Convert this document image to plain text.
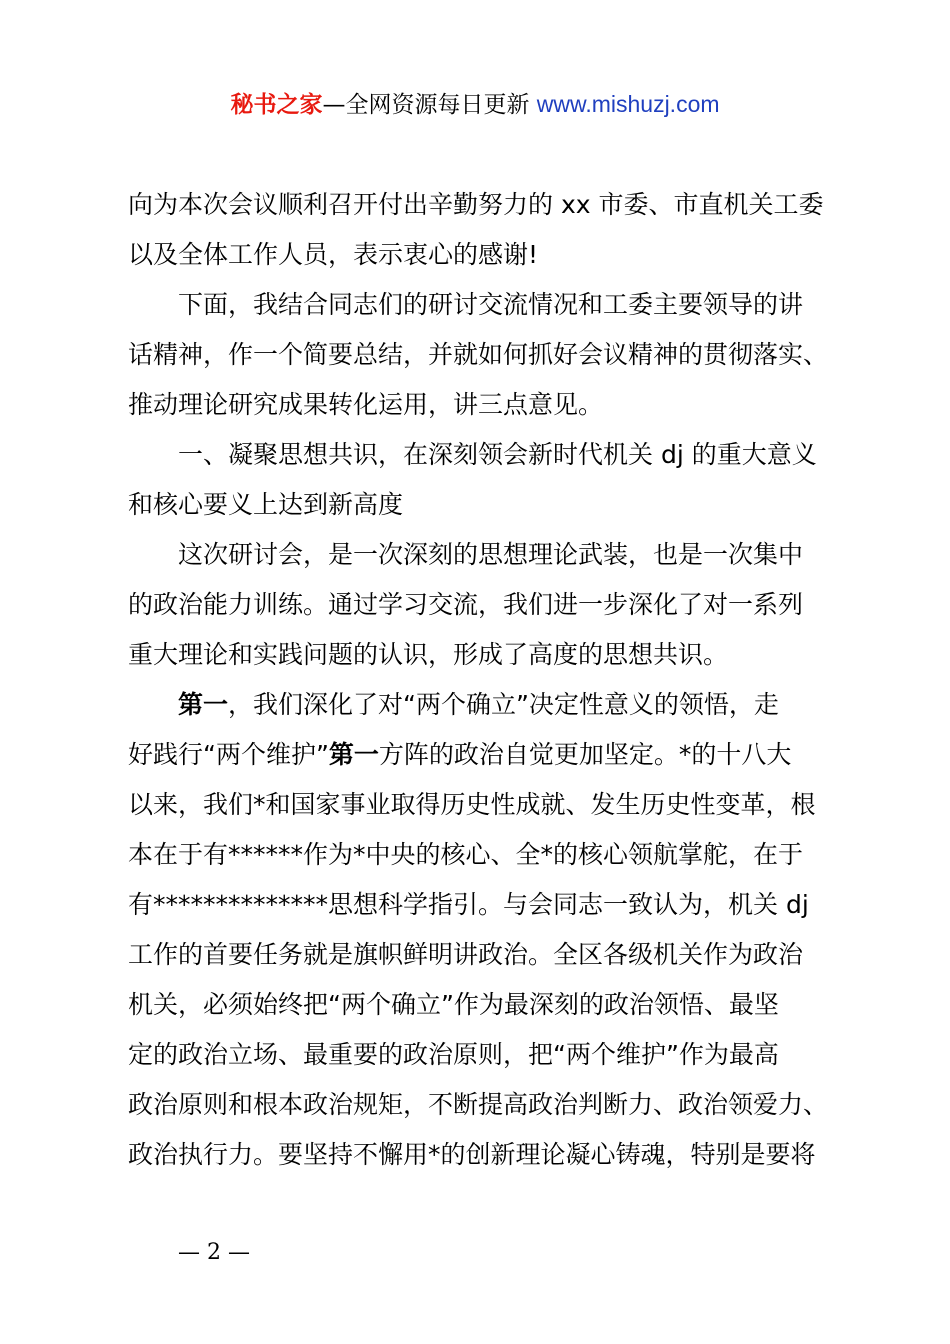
秘书之家—全网资源每日更新 www.mishuzj.com
向为本次会议顺利召开付出辛勤努力的 xx 市委、市直机关工委
以及全体工作人员，表示衷心的感谢!
下面，我结合同志们的研讨交流情况和工委主要领导的讲
话精神，作一个简要总结，并就如何抓好会议精神的贯彻落实、
推动理论研究成果转化运用，讲三点意见。
一、凝聚思想共识，在深刻领会新时代机关 dj 的重大意义
和核心要义上达到新高度
这次研讨会，是一次深刻的思想理论武装，也是一次集中
的政治能力训练。通过学习交流，我们进一步深化了对一系列
重大理论和实践问题的认识，形成了高度的思想共识。
第一，我们深化了对“两个确立”决定性意义的领悟，走
好践行“两个维护”第一方阵的政治自觉更加坚定。*的十八大
以来，我们*和国家事业取得历史性成就、发生历史性变革，根
本在于有******作为*中央的核心、全*的核心领航掌舵，在于
有**************思想科学指引。与会同志一致认为，机关 dj
工作的首要任务就是旗帜鲜明讲政治。全区各级机关作为政治
机关，必须始终把“两个确立”作为最深刻的政治领悟、最坚
定的政治立场、最重要的政治原则，把“两个维护”作为最高
政治原则和根本政治规矩，不断提高政治判断力、政治领爱力、
政治执行力。要坚持不懈用*的创新理论凝心铸魂，特别是要将
— 2 —
